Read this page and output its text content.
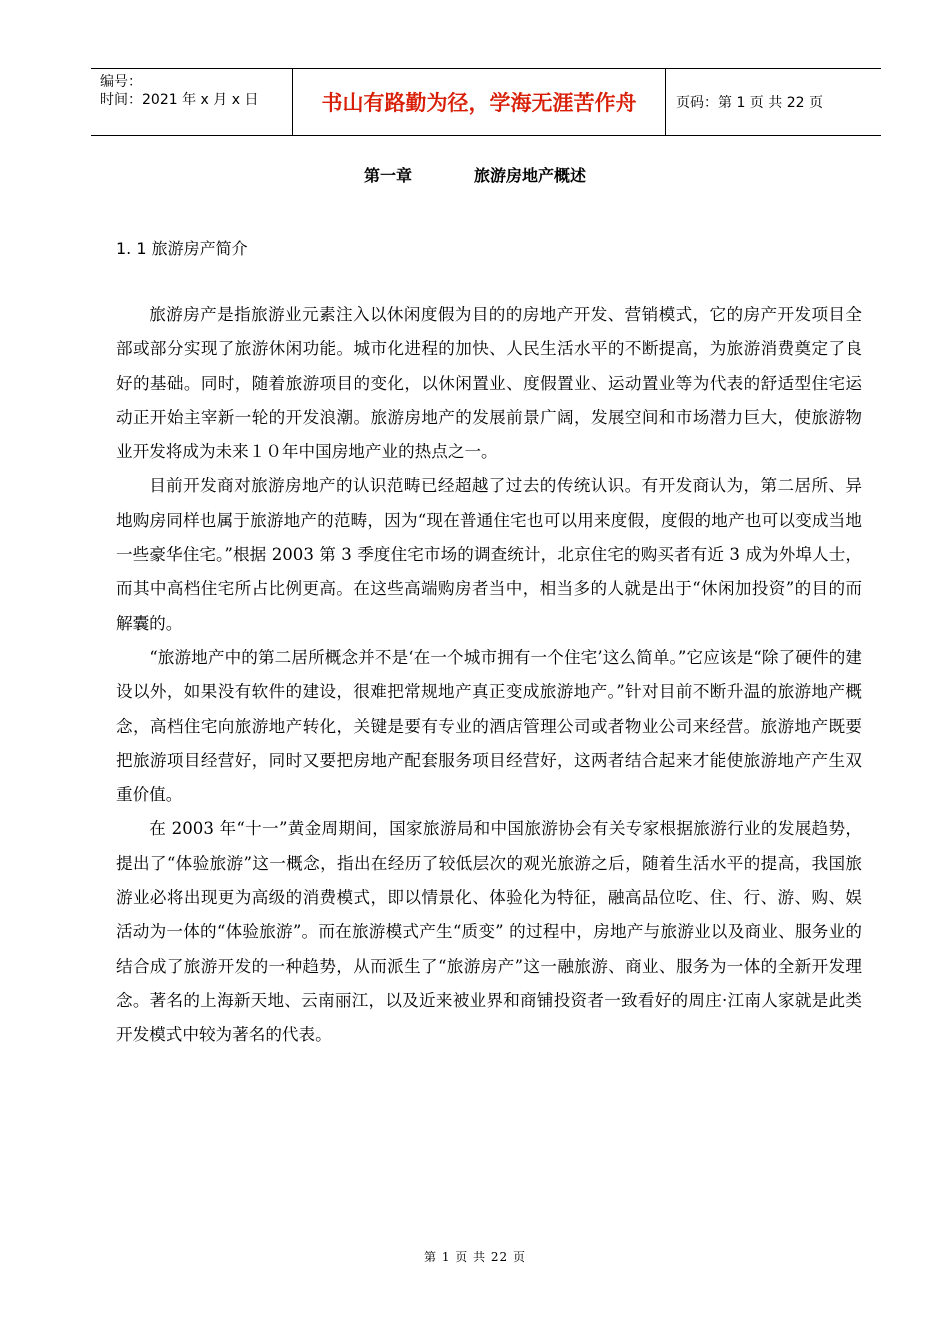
编号：
时间：2021 年 x 月 x 日	书山有路勤为径，学海无涯苦作舟	页码：第 1 页 共 22 页
第一章	旅游房地产概述
1. 1 旅游房产简介

旅游房产是指旅游业元素注入以休闲度假为目的的房地产开发、营销模式，它的房产开发项目全部或部分实现了旅游休闲功能。城市化进程的加快、人民生活水平的不断提高，为旅游消费奠定了良好的基础。同时，随着旅游项目的变化，以休闲置业、度假置业、运动置业等为代表的舒适型住宅运动正开始主宰新一轮的开发浪潮。旅游房地产的发展前景广阔，发展空间和市场潜力巨大，使旅游物业开发将成为未来１０年中国房地产业的热点之一。

目前开发商对旅游房地产的认识范畴已经超越了过去的传统认识。有开发商认为，第二居所、异地购房同样也属于旅游地产的范畴，因为“现在普通住宅也可以用来度假，度假的地产也可以变成当地一些豪华住宅。”根据 2003 第 3 季度住宅市场的调查统计，北京住宅的购买者有近 3 成为外埠人士，而其中高档住宅所占比例更高。在这些高端购房者当中，相当多的人就是出于“休闲加投资”的目的而解囊的。

“旅游地产中的第二居所概念并不是‘在一个城市拥有一个住宅’这么简单。”它应该是“除了硬件的建设以外，如果没有软件的建设，很难把常规地产真正变成旅游地产。”针对目前不断升温的旅游地产概念，高档住宅向旅游地产转化，关键是要有专业的酒店管理公司或者物业公司来经营。旅游地产既要把旅游项目经营好，同时又要把房地产配套服务项目经营好，这两者结合起来才能使旅游地产产生双重价值。

在 2003 年“十一”黄金周期间，国家旅游局和中国旅游协会有关专家根据旅游行业的发展趋势，提出了“体验旅游”这一概念，指出在经历了较低层次的观光旅游之后，随着生活水平的提高，我国旅游业必将出现更为高级的消费模式，即以情景化、体验化为特征，融高品位吃、住、行、游、购、娱活动为一体的“体验旅游”。而在旅游模式产生“质变” 的过程中，房地产与旅游业以及商业、服务业的结合成了旅游开发的一种趋势，从而派生了“旅游房产”这一融旅游、商业、服务为一体的全新开发理念。著名的上海新天地、云南丽江，以及近来被业界和商铺投资者一致看好的周庄·江南人家就是此类开发模式中较为著名的代表。

第 1 页 共 22 页
